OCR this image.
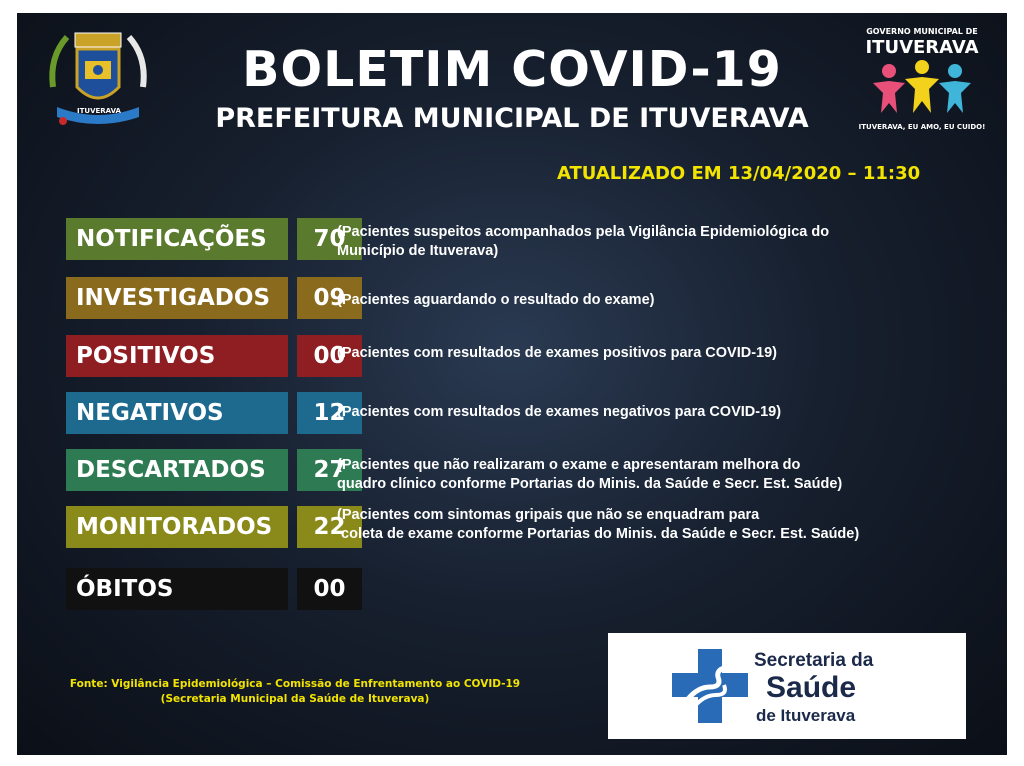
ITUVERAVA
GOVERNO MUNICIPAL DE
ITUVERAVA
ITUVERAVA, EU AMO, EU CUIDO!
BOLETIM COVID-19
PREFEITURA MUNICIPAL DE ITUVERAVA
ATUALIZADO EM 13/04/2020 – 11:30
NOTIFICAÇÕES	70
(Pacientes suspeitos acompanhados pela Vigilância Epidemiológica do
Município de Ituverava)
INVESTIGADOS	09
(Pacientes aguardando o resultado do exame)
POSITIVOS	00
(Pacientes com resultados de exames positivos para COVID-19)
NEGATIVOS	12
(Pacientes com resultados de exames negativos para COVID-19)
DESCARTADOS	27
(Pacientes que não realizaram o exame e apresentaram melhora do
quadro clínico conforme Portarias do Minis. da Saúde e Secr. Est. Saúde)
MONITORADOS	22
(Pacientes com sintomas gripais que não se enquadram para
coleta de exame conforme Portarias do Minis. da Saúde e Secr. Est. Saúde)
ÓBITOS	00
Fonte: Vigilância Epidemiológica – Comissão de Enfrentamento ao COVID-19
(Secretaria Municipal da Saúde de Ituverava)
Secretaria da
Saúde
de Ituverava
